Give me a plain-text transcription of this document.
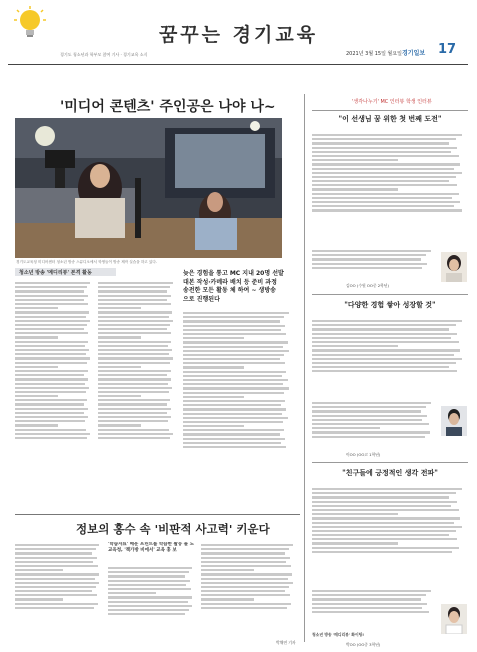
꿈꾸는 경기교육
경기도 청소년과 학부모 참여 기사 · 경기교육 소식	2021년 3월 15일 월요일 경기일보 17
'미디어 콘텐츠' 주인공은 나야 나~
경기도교육청 미디어센터 청소년 방송 스튜디오에서 학생들이 방송 제작 실습을 하고 있다.
청소년 방송 '메디리뷰' 본격 활동	늦은 경험을 통고 MC 지내 20명 선발
대본 작성·카메라 배치 등 준비 과정
송전한 모든 활동 체 하여 ~ 생방송
으로 진행된다
정보의 홍수 속 '비판적 사고력' 키운다
'학습자료' 배운 프린트를 학습한 활동 돌 도교육청, '책가방 비에서' 교육 홍 보
박채연 기자
'생각나누기' MC 인터뷰 학생 인터뷰
"이 선생님 꿈 위한 첫 번째 도전"
김OO (수원 OO중 2학년)
"다양한 경험 쌓아 성장할 것"
이OO (OO고 1학년)
"친구들에 긍정적인 생각 전파"
청소년 방송 '메디리뷰' 화이팅!
박OO (OO중 3학년)
